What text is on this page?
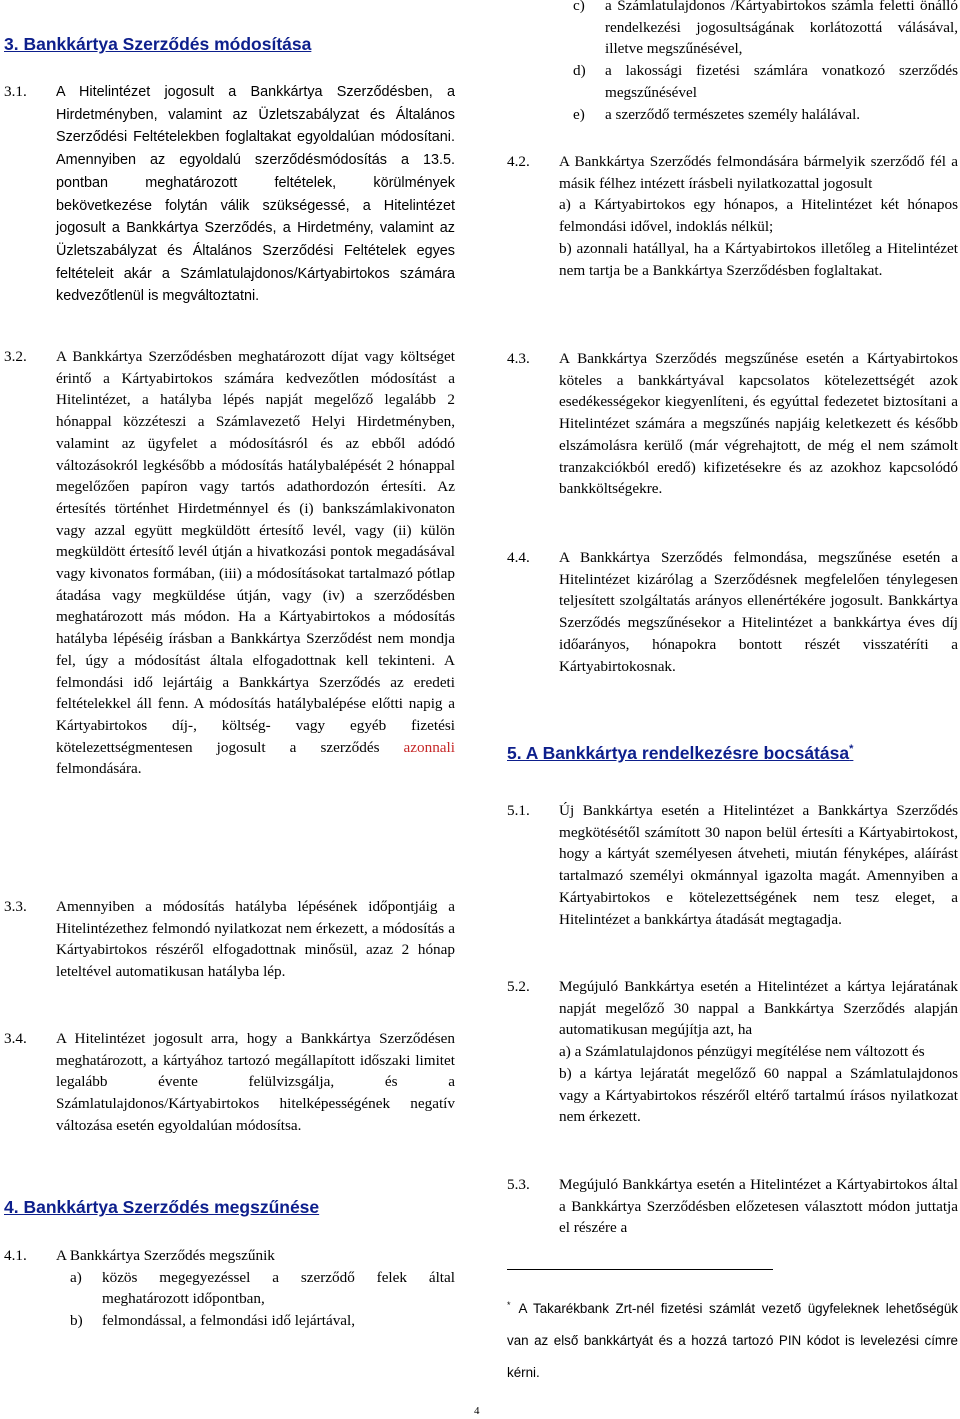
3. Bankkártya Szerződés módosítása
3.1. A Hitelintézet jogosult a Bankkártya Szerződésben, a Hirdetményben, valamint az Üzletszabályzat és Általános Szerződési Feltételekben foglaltakat egyoldalúan módosítani. Amennyiben az egyoldalú szerződésmódosítás a 13.5. pontban meghatározott feltételek, körülmények bekövetkezése folytán válik szükségessé, a Hitelintézet jogosult a Bankkártya Szerződés, a Hirdetmény, valamint az Üzletszabályzat és Általános Szerződési Feltételek egyes feltételeit akár a Számlatulajdonos/Kártyabirtokos számára kedvezőtlenül is megváltoztatni.
3.2. A Bankkártya Szerződésben meghatározott díjat vagy költséget érintő a Kártyabirtokos számára kedvezőtlen módosítást a Hitelintézet, a hatályba lépés napját megelőző legalább 2 hónappal közzéteszi a Számlavezető Helyi Hirdetményben, valamint az ügyfelet a módosításról és az ebből adódó változásokról legkésőbb a módosítás hatálybalépését 2 hónappal megelőzően papíron vagy tartós adathordozón értesíti. Az értesítés történhet Hirdetménnyel és (i) bankszámlakivonaton vagy azzal együtt megküldött értesítő levél, vagy (ii) külön megküldött értesítő levél útján a hivatkozási pontok megadásával vagy kivonatos formában, (iii) a módosításokat tartalmazó pótlap átadása vagy megküldése útján, vagy (iv) a szerződésben meghatározott más módon. Ha a Kártyabirtokos a módosítás hatályba lépéséig írásban a Bankkártya Szerződést nem mondja fel, úgy a módosítást általa elfogadottnak kell tekinteni. A felmondási idő lejártáig a Bankkártya Szerződés az eredeti feltételekkel áll fenn. A módosítás hatálybalépése előtti napig a Kártyabirtokos díj-, költség- vagy egyéb fizetési kötelezettségmentesen jogosult a szerződés azonnali felmondására.
3.3. Amennyiben a módosítás hatályba lépésének időpontjáig a Hitelintézethez felmondó nyilatkozat nem érkezett, a módosítás a Kártyabirtokos részéről elfogadottnak minősül, azaz 2 hónap leteltével automatikusan hatályba lép.
3.4. A Hitelintézet jogosult arra, hogy a Bankkártya Szerződésen meghatározott, a kártyához tartozó megállapított időszaki limitet legalább évente felülvizsgálja, és a Számlatulajdonos/Kártyabirtokos hitelképességének negatív változása esetén egyoldalúan módosítsa.
4. Bankkártya Szerződés megszűnése
4.1. A Bankkártya Szerződés megszűnik
a) közös megegyezéssel a szerződő felek által meghatározott időpontban,
b) felmondással, a felmondási idő lejártával,
c) a Számlatulajdonos /Kártyabirtokos számla feletti önálló rendelkezési jogosultságának korlátozottá válásával, illetve megszűnésével,
d) a lakossági fizetési számlára vonatkozó szerződés megszűnésével
e) a szerződő természetes személy halálával.
4.2. A Bankkártya Szerződés felmondására bármelyik szerződő fél a másik félhez intézett írásbeli nyilatkozattal jogosult
a) a Kártyabirtokos egy hónapos, a Hitelintézet két hónapos felmondási idővel, indoklás nélkül;
b) azonnali hatállyal, ha a Kártyabirtokos illetőleg a Hitelintézet nem tartja be a Bankkártya Szerződésben foglaltakat.
4.3. A Bankkártya Szerződés megszűnése esetén a Kártyabirtokos köteles a bankkártyával kapcsolatos kötelezettségét azok esedékességekor kiegyenlíteni, és egyúttal fedezetet biztosítani a Hitelintézet számára a megszűnés napjáig keletkezett és később elszámolásra kerülő (már végrehajtott, de még el nem számolt tranzakciókból eredő) kifizetésekre és az azokhoz kapcsolódó bankköltségekre.
4.4. A Bankkártya Szerződés felmondása, megszűnése esetén a Hitelintézet kizárólag a Szerződésnek megfelelően ténylegesen teljesített szolgáltatás arányos ellenértékére jogosult. Bankkártya Szerződés megszűnésekor a Hitelintézet a bankkártya éves díj időarányos, hónapokra bontott részét visszatéríti a Kártyabirtokosnak.
5. A Bankkártya rendelkezésre bocsátása*
5.1. Új Bankkártya esetén a Hitelintézet a Bankkártya Szerződés megkötésétől számított 30 napon belül értesíti a Kártyabirtokost, hogy a kártyát személyesen átveheti, miután fényképes, aláírást tartalmazó személyi okmánnyal igazolta magát. Amennyiben a Kártyabirtokos e kötelezettségének nem tesz eleget, a Hitelintézet a bankkártya átadását megtagadja.
5.2. Megújuló Bankkártya esetén a Hitelintézet a kártya lejáratának napját megelőző 30 nappal a Bankkártya Szerződés alapján automatikusan megújítja azt, ha
a) a Számlatulajdonos pénzügyi megítélése nem változott és
b) a kártya lejáratát megelőző 60 nappal a Számlatulajdonos vagy a Kártyabirtokos részéről eltérő tartalmú írásos nyilatkozat nem érkezett.
5.3. Megújuló Bankkártya esetén a Hitelintézet a Kártyabirtokos által a Bankkártya Szerződésben előzetesen választott módon juttatja el részére a
* A Takarékbank Zrt-nél fizetési számlát vezető ügyfeleknek lehetőségük van az első bankkártyát és a hozzá tartozó PIN kódot is levelezési címre kérni.
4
